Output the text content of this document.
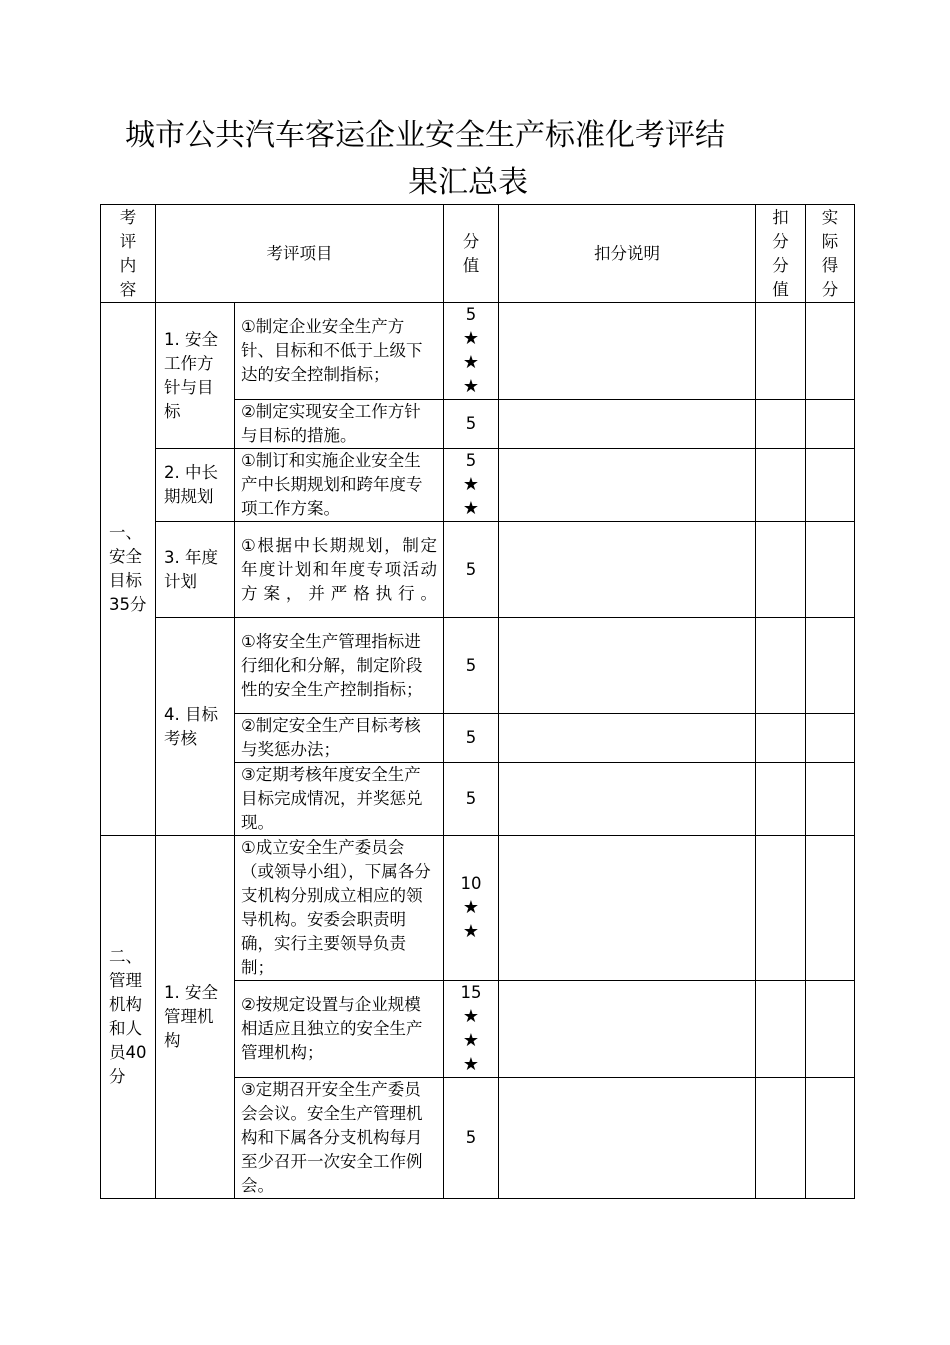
城市公共汽车客运企业安全生产标准化考评结
果汇总表
考评内容	考评项目		分值	扣分说明	扣分分值	实际得分

一、安全目标35分	1. 安全工作方针与目标	①制定企业安全生产方针、目标和不低于上级下达的安全控制指标；	5
★★★			

		②制定实现安全工作方针与目标的措施。	5			

	2. 中长期规划	①制订和实施企业安全生产中长期规划和跨年度专项工作方案。	5
★★			

	3. 年度计划	①根据中长期规划，制定年度计划和年度专项活动方案，并严格执行。	5			

	4. 目标考核	①将安全生产管理指标进行细化和分解，制定阶段性的安全生产控制指标；	5			

		②制定安全生产目标考核与奖惩办法；	5			

		③定期考核年度安全生产目标完成情况，并奖惩兑现。	5			

二、管理机构和人员40分	1. 安全管理机构	①成立安全生产委员会（或领导小组），下属各分支机构分别成立相应的领导机构。安委会职责明确，实行主要领导负责制；	10
★★			

		②按规定设置与企业规模相适应且独立的安全生产管理机构；	15
★★★			

		③定期召开安全生产委员会会议。安全生产管理机构和下属各分支机构每月至少召开一次安全工作例会。	5			
